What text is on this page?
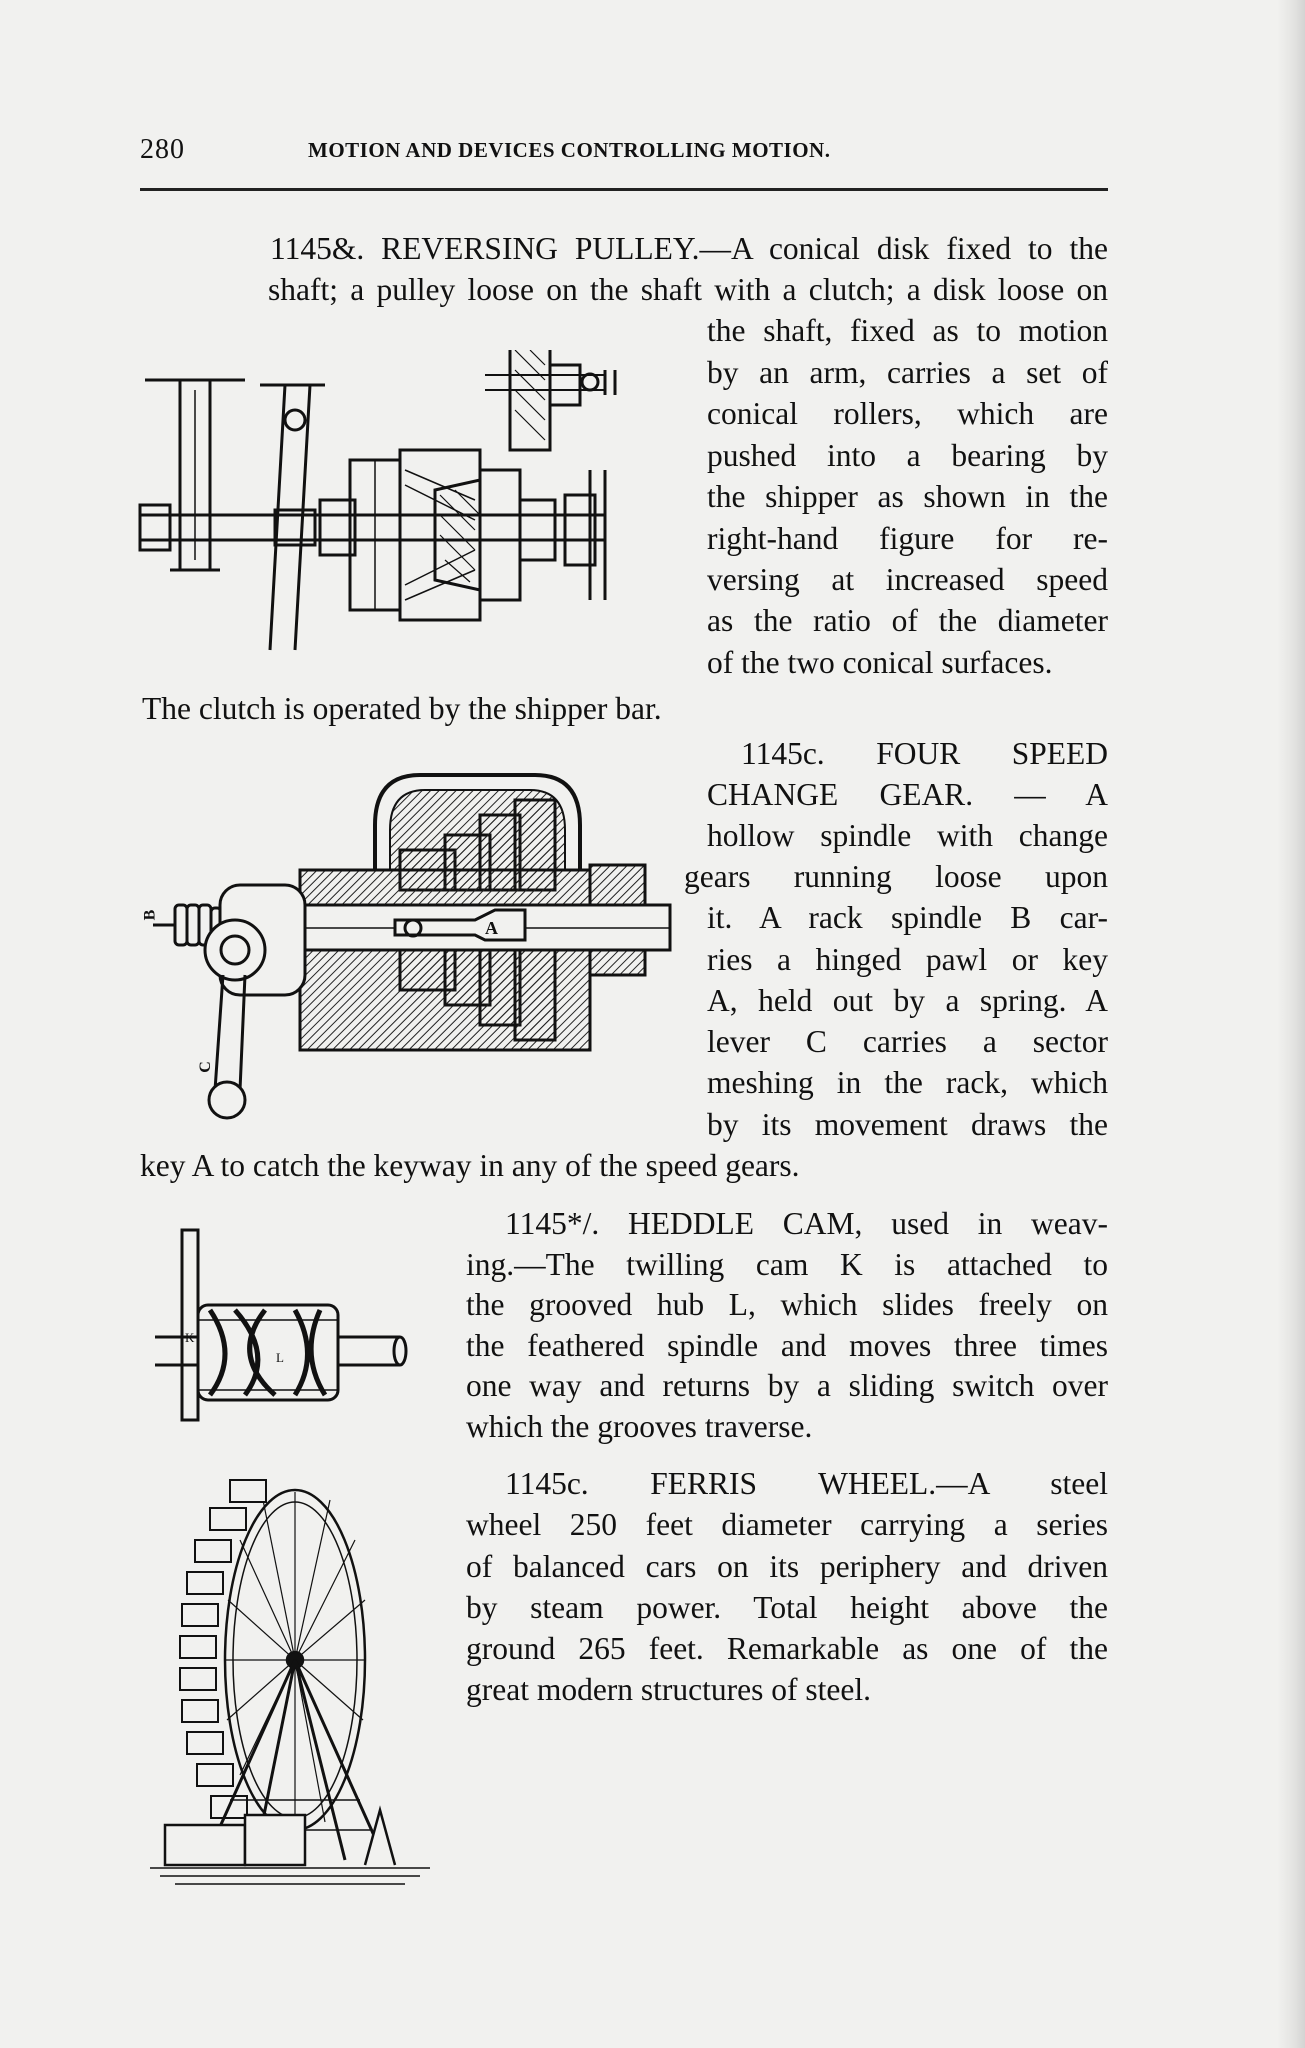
280	MOTION AND DEVICES CONTROLLING MOTION.
1145&. REVERSING PULLEY.—A conical disk fixed to the
shaft; a pulley loose on the shaft with a clutch; a disk loose on
the shaft, fixed as to motion
by an arm, carries a set of
conical rollers, which are
pushed into a bearing by
the shipper as shown in the
right-hand figure for re-
versing at increased speed
as the ratio of the diameter
of the two conical surfaces.
The clutch is operated by the shipper bar.
1145c. FOUR SPEED
CHANGE GEAR. — A
hollow spindle with change
gears running loose upon
it. A rack spindle B car-
ries a hinged pawl or key
A, held out by a spring. A
lever C carries a sector
meshing in the rack, which
by its movement draws the
key A to catch the keyway in any of the speed gears.
B
A
C
1145*/. HEDDLE CAM, used in weav-
ing.—The twilling cam K is attached to
the grooved hub L, which slides freely on
the feathered spindle and moves three times
one way and returns by a sliding switch over
which the grooves traverse.
K
L
1145c. FERRIS WHEEL.—A steel
wheel 250 feet diameter carrying a series
of balanced cars on its periphery and driven
by steam power. Total height above the
ground 265 feet. Remarkable as one of the
great modern structures of steel.
